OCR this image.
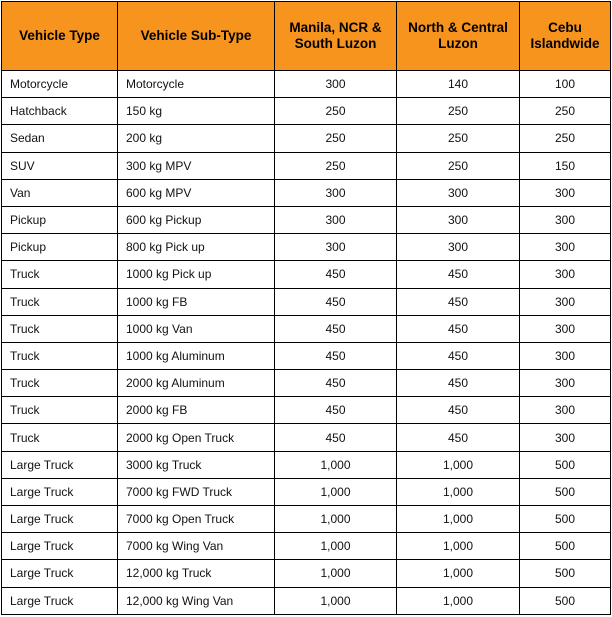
Vehicle Type	Vehicle Sub-Type	Manila, NCR & South Luzon	North & Central Luzon	Cebu Islandwide
Motorcycle	Motorcycle	300	140	100
Hatchback	150 kg	250	250	250
Sedan	200 kg	250	250	250
SUV	300 kg MPV	250	250	150
Van	600 kg MPV	300	300	300
Pickup	600 kg Pickup	300	300	300
Pickup	800 kg Pick up	300	300	300
Truck	1000 kg Pick up	450	450	300
Truck	1000 kg FB	450	450	300
Truck	1000 kg Van	450	450	300
Truck	1000 kg Aluminum	450	450	300
Truck	2000 kg Aluminum	450	450	300
Truck	2000 kg FB	450	450	300
Truck	2000 kg Open Truck	450	450	300
Large Truck	3000 kg Truck	1,000	1,000	500
Large Truck	7000 kg FWD Truck	1,000	1,000	500
Large Truck	7000 kg Open Truck	1,000	1,000	500
Large Truck	7000 kg Wing Van	1,000	1,000	500
Large Truck	12,000 kg Truck	1,000	1,000	500
Large Truck	12,000 kg Wing Van	1,000	1,000	500
